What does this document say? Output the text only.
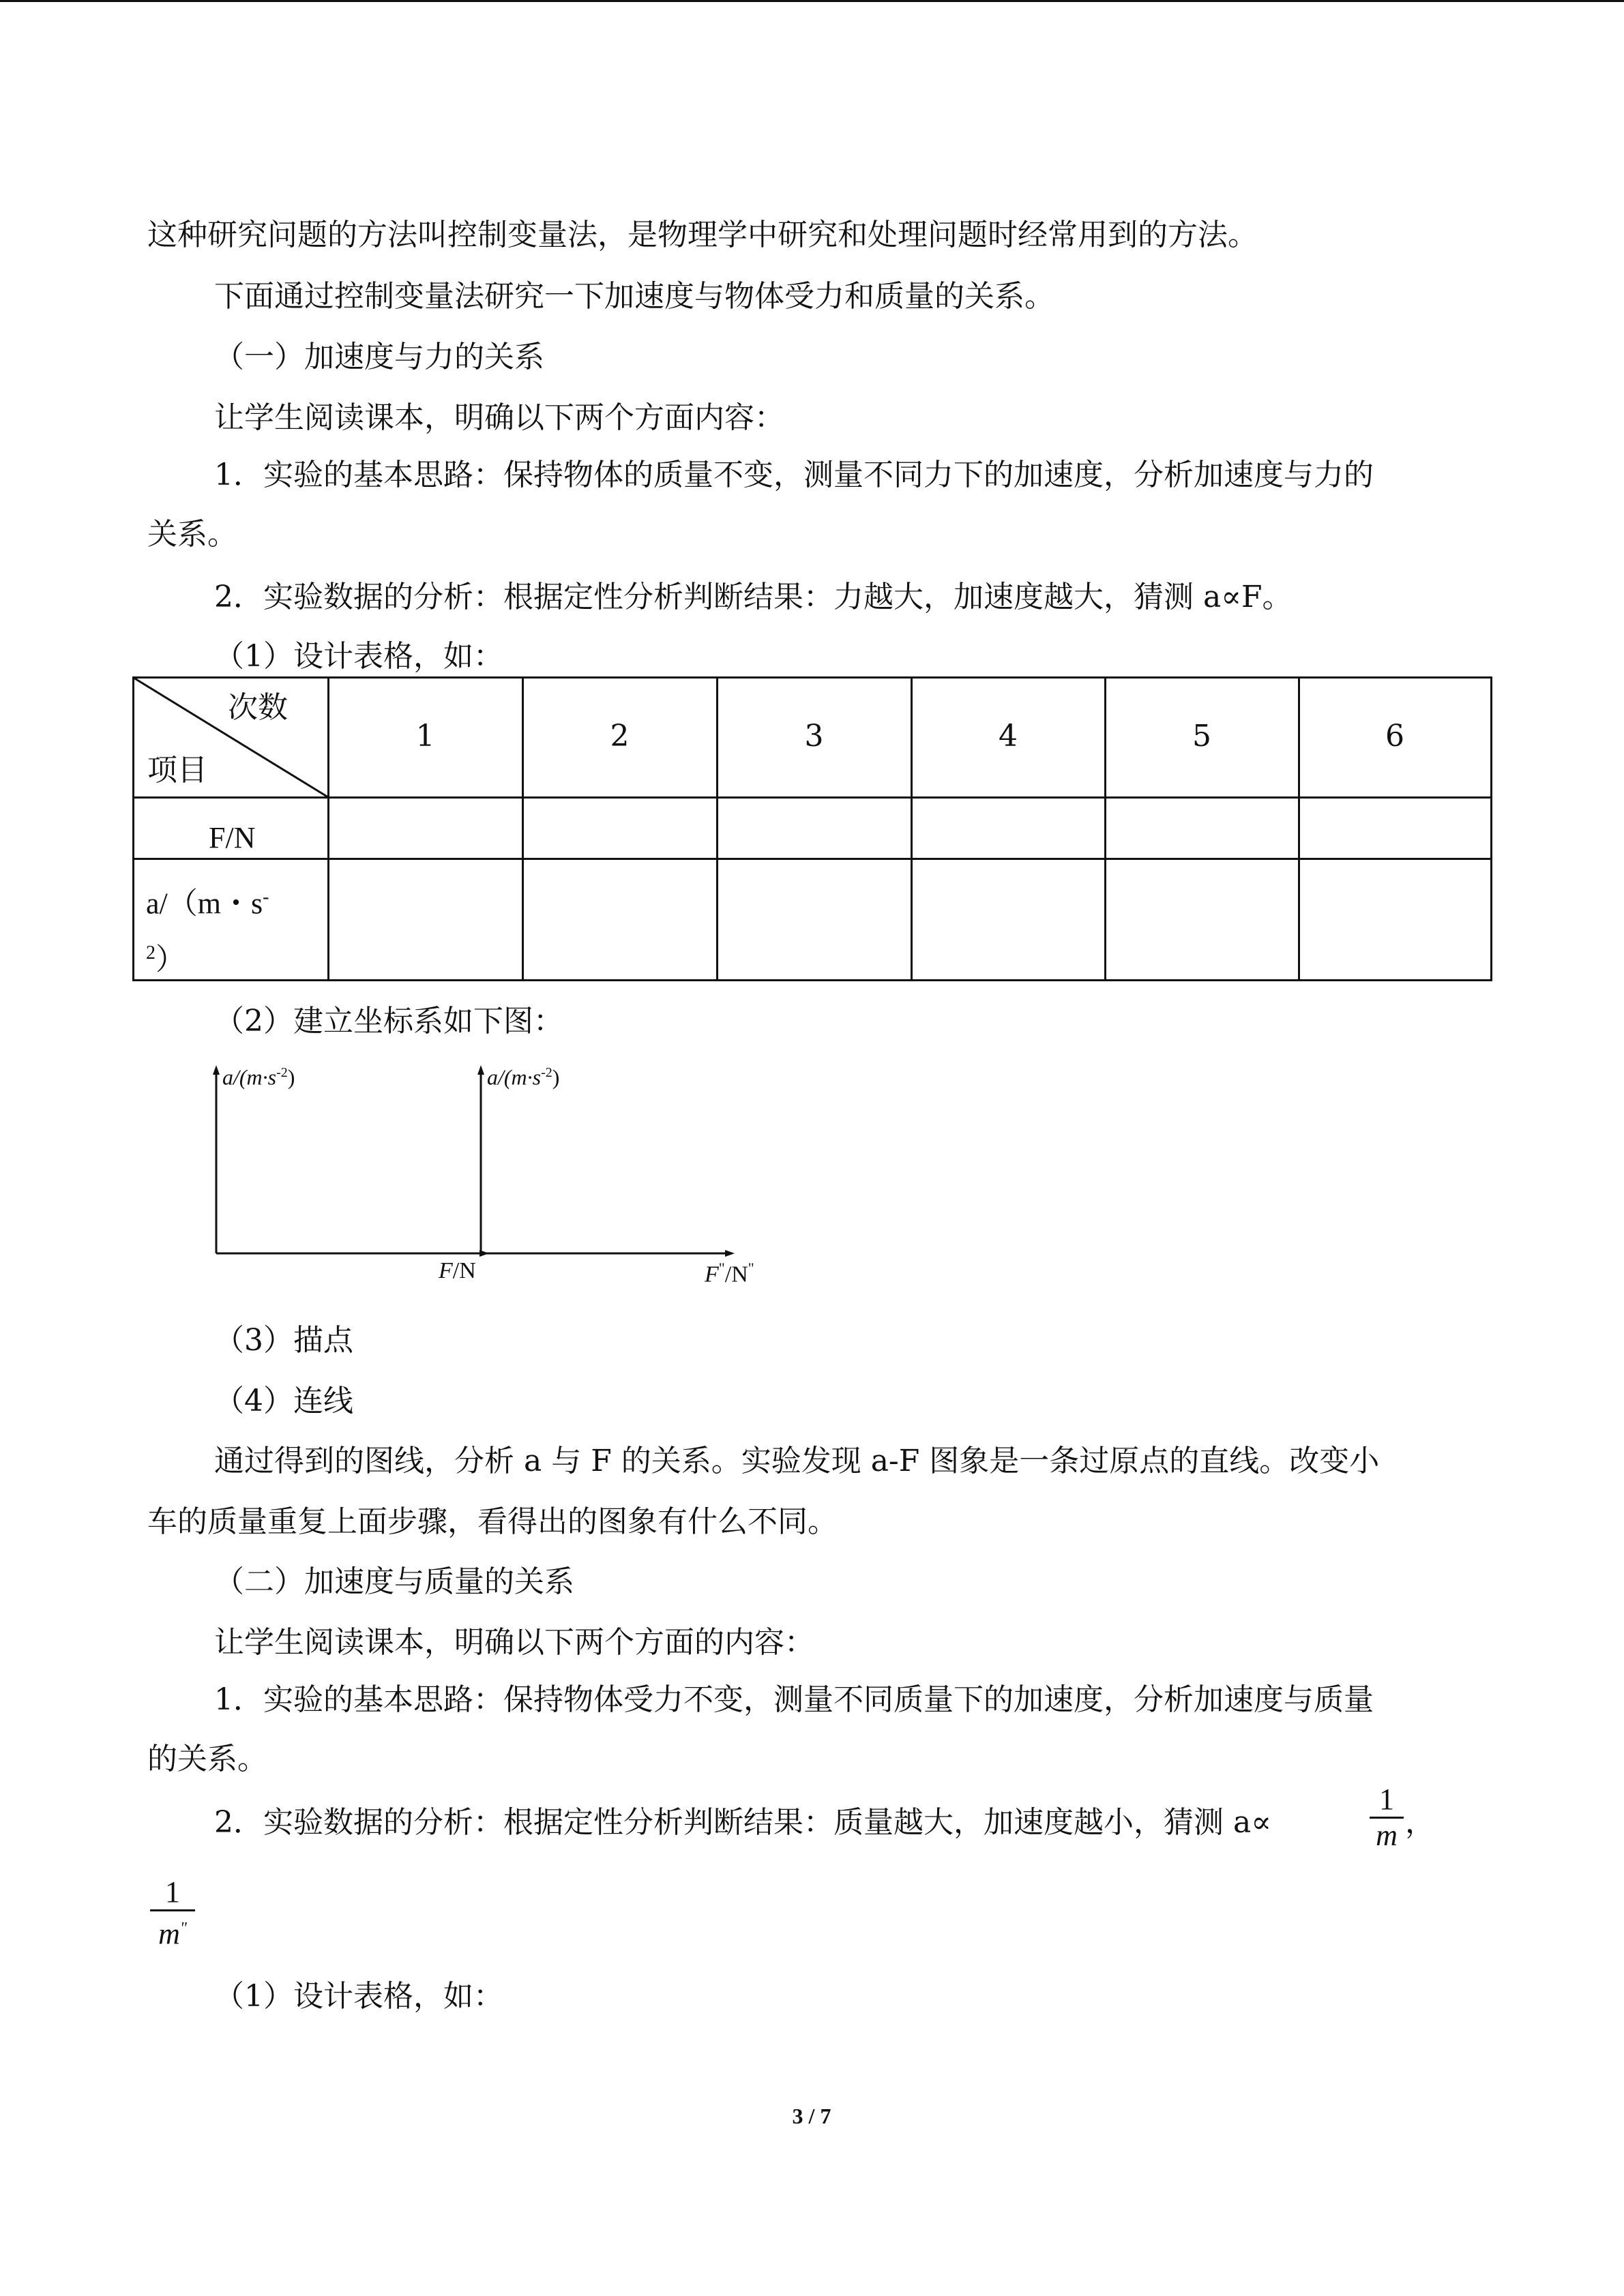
这种研究问题的方法叫控制变量法，是物理学中研究和处理问题时经常用到的方法。
下面通过控制变量法研究一下加速度与物体受力和质量的关系。
（一）加速度与力的关系
让学生阅读课本，明确以下两个方面内容：
1．实验的基本思路：保持物体的质量不变，测量不同力下的加速度，分析加速度与力的
关系。
2．实验数据的分析：根据定性分析判断结果：力越大，加速度越大，猜测 a∝F。
（1）设计表格，如：
次数
项目
1	2	3	4	5	6
F/N
a/（m・s-
$^2$）
（2）建立坐标系如下图：
$a/(m\cdot s^{-2})$	$a/(m\cdot s^{-2})$
F/N	F"/N"
（3）描点
（4）连线
通过得到的图线，分析 a 与 F 的关系。实验发现 a-F 图象是一条过原点的直线。改变小
车的质量重复上面步骤，看得出的图象有什么不同。
（二）加速度与质量的关系
让学生阅读课本，明确以下两个方面的内容：
1．实验的基本思路：保持物体受力不变，测量不同质量下的加速度，分析加速度与质量
的关系。
2．实验数据的分析：根据定性分析判断结果：质量越大，加速度越小，猜测 a∝
1
m ，
1
m"
（1）设计表格，如：
3 / 7
